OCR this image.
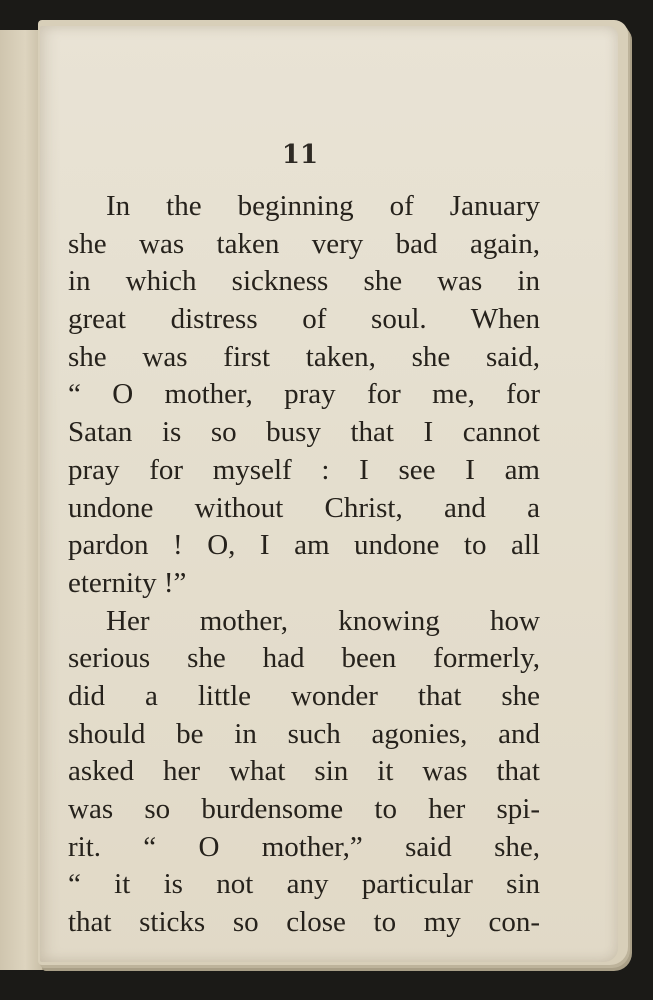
11
In the beginning of January
she was taken very bad again,
in which sickness she was in
great distress of soul. When
she was first taken, she said,
“ O mother, pray for me, for
Satan is so busy that I cannot
pray for myself : I see I am
undone without Christ, and a
pardon ! O, I am undone to all
eternity !”
Her mother, knowing how
serious she had been formerly,
did a little wonder that she
should be in such agonies, and
asked her what sin it was that
was so burdensome to her spi-
rit. “ O mother,” said she,
“ it is not any particular sin
that sticks so close to my con-
